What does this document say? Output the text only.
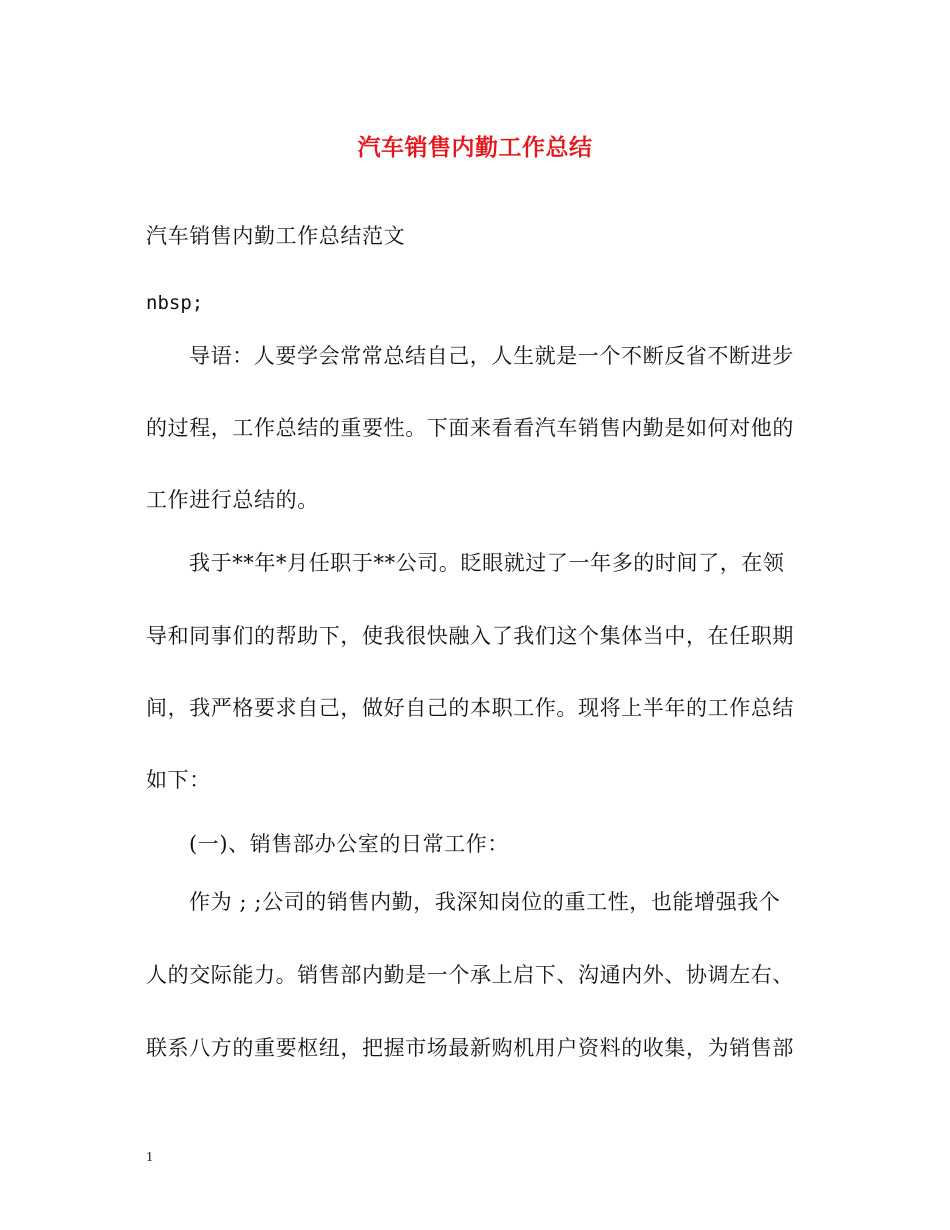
汽车销售内勤工作总结
汽车销售内勤工作总结范文
nbsp;
导语：人要学会常常总结自己，人生就是一个不断反省不断进步
的过程，工作总结的重要性。下面来看看汽车销售内勤是如何对他的
工作进行总结的。
我于**年*月任职于**公司。眨眼就过了一年多的时间了，在领
导和同事们的帮助下，使我很快融入了我们这个集体当中，在任职期
间，我严格要求自己，做好自己的本职工作。现将上半年的工作总结
如下：
(一)、销售部办公室的日常工作：
作为 ; ;公司的销售内勤，我深知岗位的重工性，也能增强我个
人的交际能力。销售部内勤是一个承上启下、沟通内外、协调左右、
联系八方的重要枢纽，把握市场最新购机用户资料的收集，为销售部
1
